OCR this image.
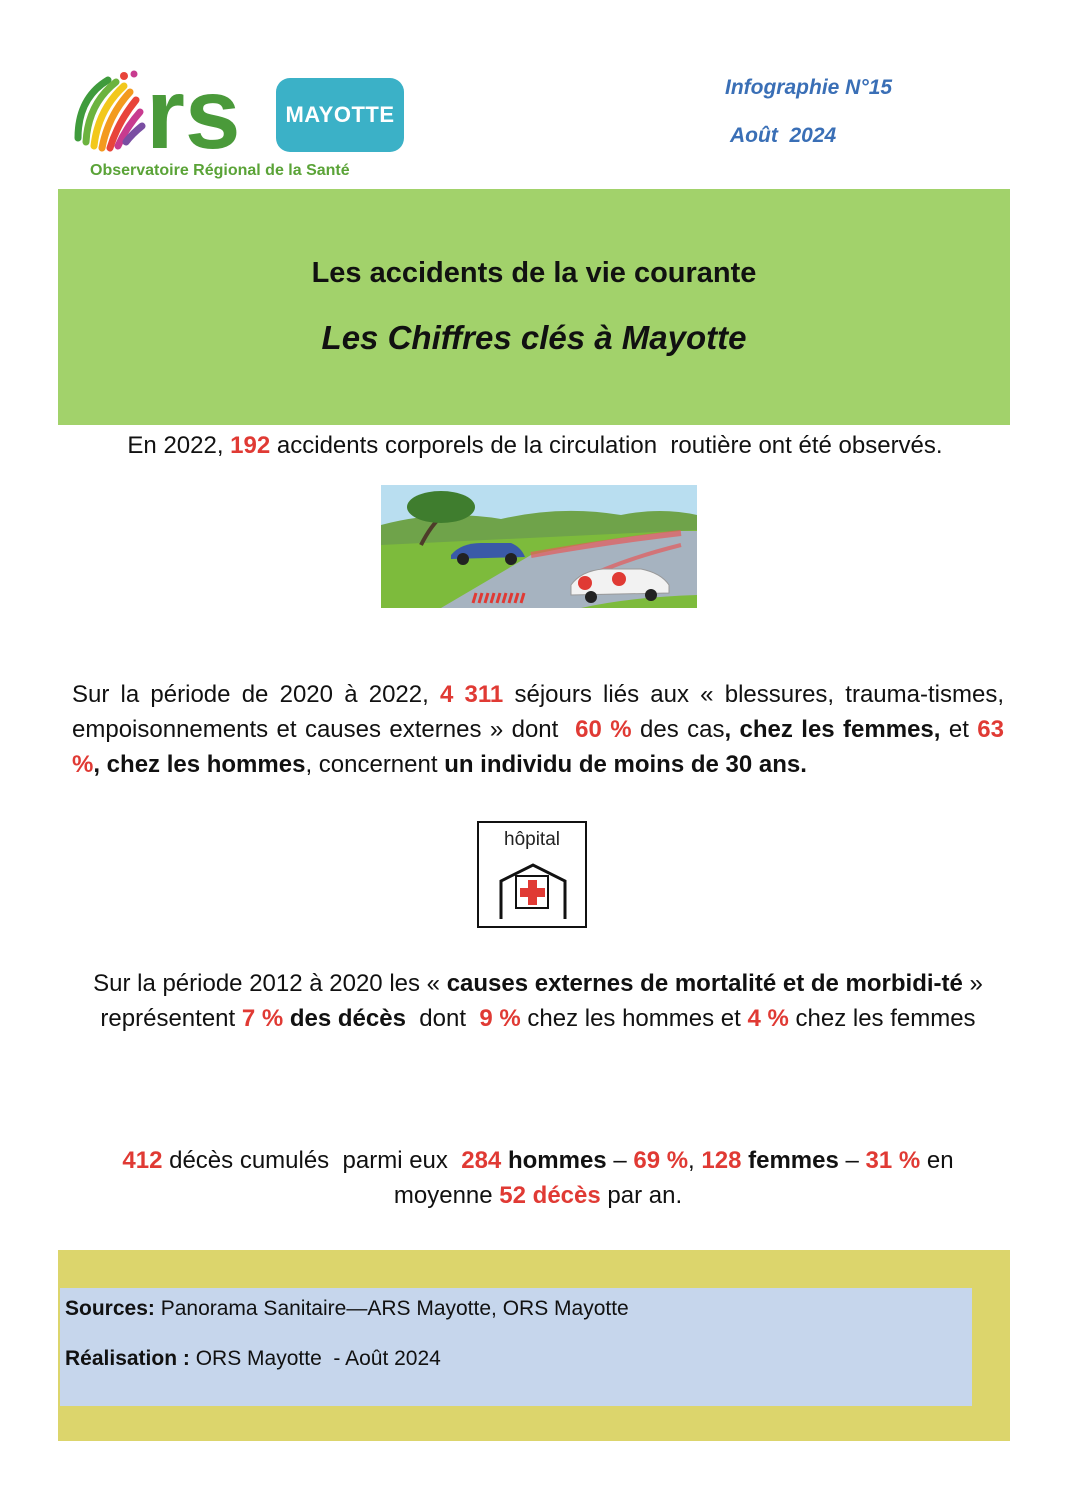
rs	MAYOTTE
Observatoire Régional de la Santé
Infographie N°15
Août  2024
Les accidents de la vie courante
Les Chiffres clés à Mayotte
En 2022, 192 accidents corporels de la circulation  routière ont été observés.
Sur la période de 2020 à 2022, 4 311 séjours liés aux « blessures, trauma-tismes, empoisonnements et causes externes » dont  60 % des cas, chez les femmes, et 63 %, chez les hommes, concernent un individu de moins de 30 ans.
hôpital
Sur la période 2012 à 2020 les « causes externes de mortalité et de morbidi-té » représentent 7 % des décès  dont  9 % chez les hommes et 4 % chez les femmes
412 décès cumulés  parmi eux  284 hommes – 69 %, 128 femmes – 31 % en moyenne 52 décès par an.
Sources: Panorama Sanitaire—ARS Mayotte, ORS Mayotte
Réalisation : ORS Mayotte  - Août 2024
